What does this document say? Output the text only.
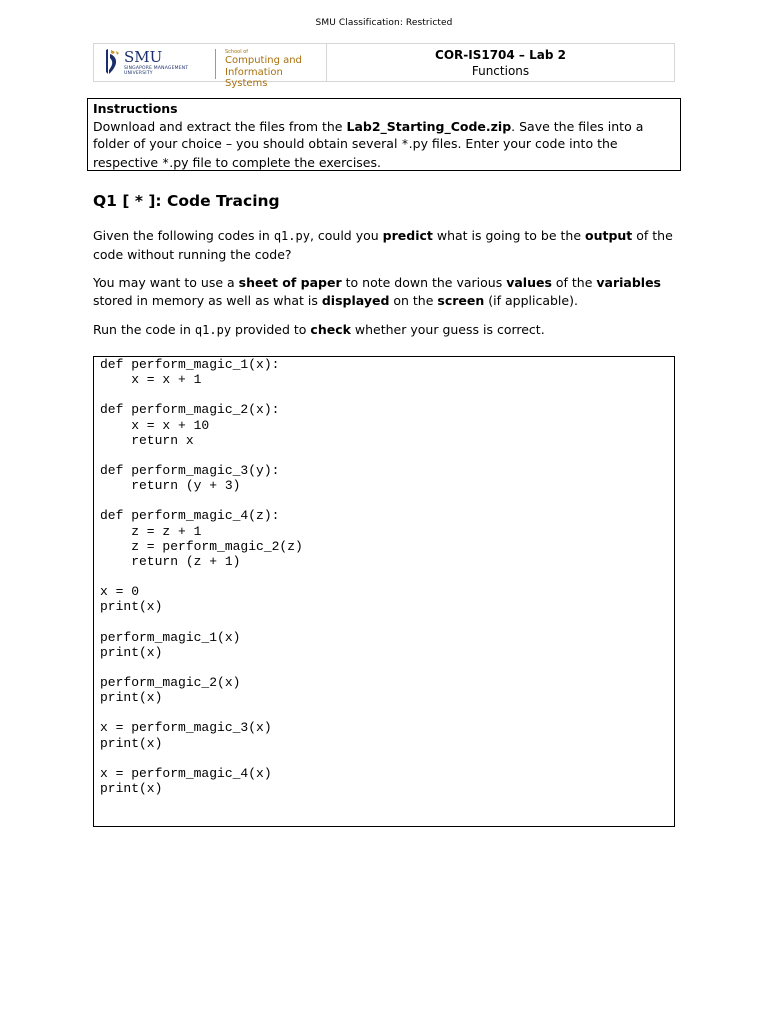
SMU Classification: Restricted
SMU
SINGAPORE MANAGEMENT
UNIVERSITY
School of
Computing and
Information Systems
COR-IS1704 – Lab 2
Functions
Instructions
Download and extract the files from the Lab2_Starting_Code.zip. Save the files into a folder of your choice – you should obtain several *.py files. Enter your code into the respective *.py file to complete the exercises.
Q1 [ * ]: Code Tracing
Given the following codes in q1.py, could you predict what is going to be the output of the code without running the code?
You may want to use a sheet of paper to note down the various values of the variables stored in memory as well as what is displayed on the screen (if applicable).
Run the code in q1.py provided to check whether your guess is correct.
def perform_magic_1(x):
x = x + 1
def perform_magic_2(x):
x = x + 10
return x
def perform_magic_3(y):
return (y + 3)
def perform_magic_4(z):
z = z + 1
z = perform_magic_2(z)
return (z + 1)
x = 0
print(x)
perform_magic_1(x)
print(x)
perform_magic_2(x)
print(x)
x = perform_magic_3(x)
print(x)
x = perform_magic_4(x)
print(x)
